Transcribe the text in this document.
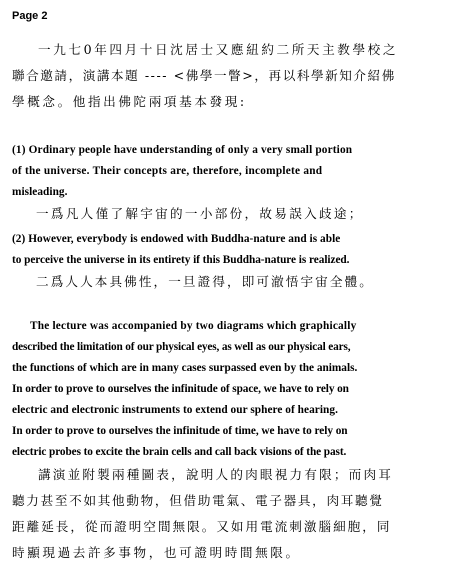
Page 2
一九七0年四月十日沈居士又應紐約二所天主教學校之
聯合邀請，演講本題 ---- <佛學一瞥>，再以科學新知介紹佛
學概念。他指出佛陀兩項基本發現:
(1) Ordinary people have understanding of only a very small portion
of the universe. Their concepts are, therefore, incomplete and
misleading.
一爲凡人僅了解宇宙的一小部份，故易誤入歧途；
(2) However, everybody is endowed with Buddha-nature and is able
to perceive the universe in its entirety if this Buddha-nature is realized.
二爲人人本具佛性，一旦證得，即可澈悟宇宙全體。
The lecture was accompanied by two diagrams which graphically
described the limitation of our physical eyes, as well as our physical ears,
the functions of which are in many cases surpassed even by the animals.
In order to prove to ourselves the infinitude of space, we have to rely on
electric and electronic instruments to extend our sphere of hearing.
In order to prove to ourselves the infinitude of time, we have to rely on
electric probes to excite the brain cells and call back visions of the past.
講演並附製兩種圖表，說明人的肉眼視力有限；而肉耳
聽力甚至不如其他動物，但借助電氣、電子器具，肉耳聽覺
距離延長，從而證明空間無限。又如用電流刺激腦細胞，同
時顯現過去許多事物，也可證明時間無限。
